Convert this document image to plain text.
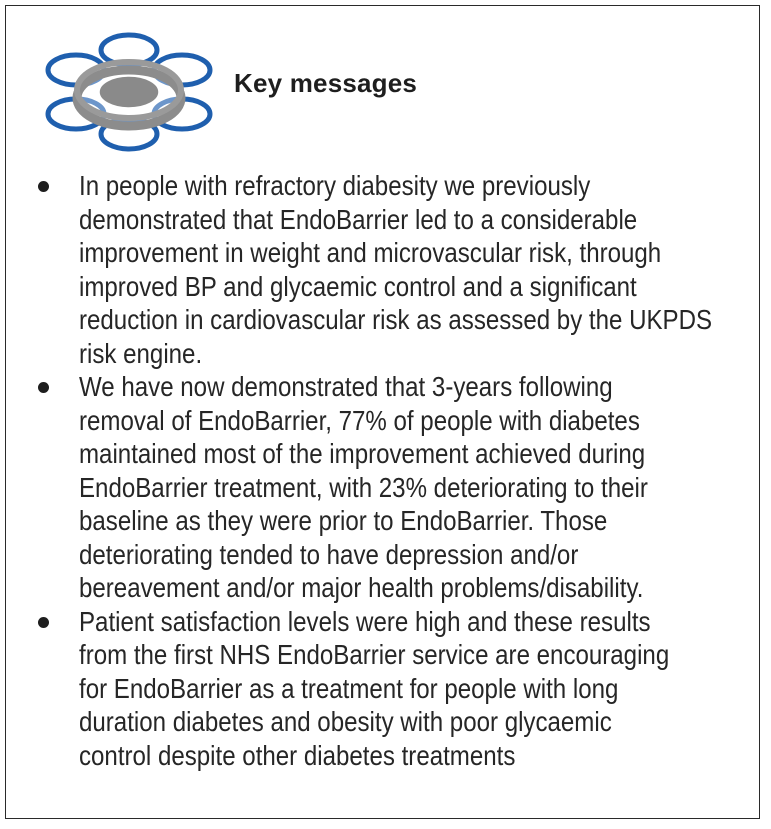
Key messages
In people with refractory diabesity we previously
demonstrated that EndoBarrier led to a considerable
improvement in weight and microvascular risk, through
improved BP and glycaemic control and a significant
reduction in cardiovascular risk as assessed by the UKPDS
risk engine.
We have now demonstrated that 3-years following
removal of EndoBarrier, 77% of people with diabetes
maintained most of the improvement achieved during
EndoBarrier treatment, with 23% deteriorating to their
baseline as they were prior to EndoBarrier. Those
deteriorating tended to have depression and/or
bereavement and/or major health problems/disability.
Patient satisfaction levels were high and these results
from the first NHS EndoBarrier service are encouraging
for EndoBarrier as a treatment for people with long
duration diabetes and obesity with poor glycaemic
control despite other diabetes treatments
